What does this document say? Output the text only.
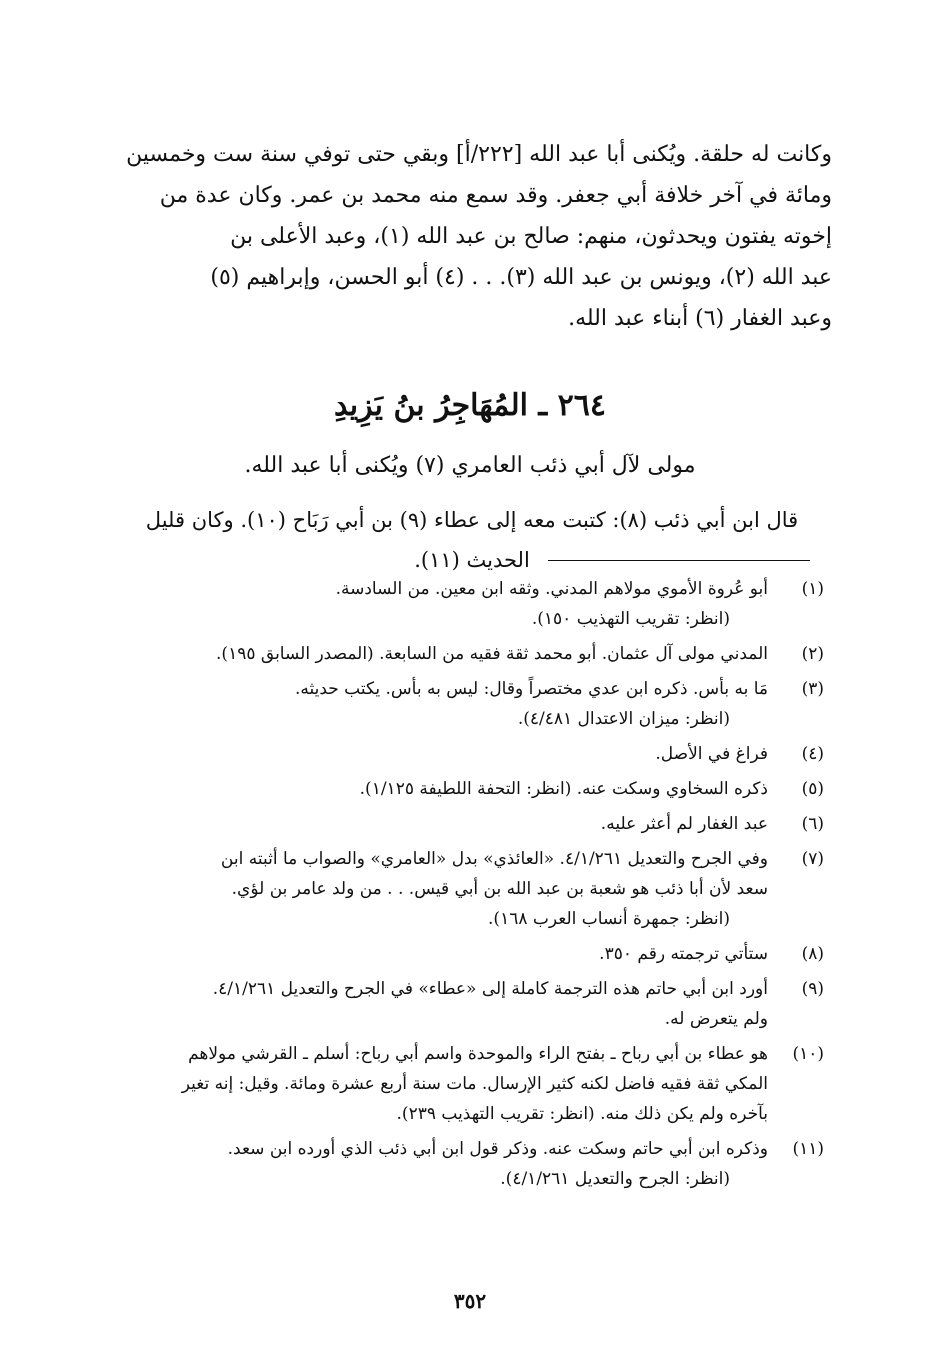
وكانت له حلقة. ويُكنى أبا عبد الله [٢٢٢/أ] وبقي حتى توفي سنة ست وخمسين

ومائة في آخر خلافة أبي جعفر. وقد سمع منه محمد بن عمر. وكان عدة من

إخوته يفتون ويحدثون، منهم: صالح بن عبد الله (١)، وعبد الأعلى بن

عبد الله (٢)، ويونس بن عبد الله (٣). . . (٤) أبو الحسن، وإبراهيم (٥)

وعبد الغفار (٦) أبناء عبد الله.

٢٦٤ ـ المُهَاجِرُ بنُ يَزِيدِ
مولى لآل أبي ذئب العامري (٧) ويُكنى أبا عبد الله.
قال ابن أبي ذئب (٨): كتبت معه إلى عطاء (٩) بن أبي رَبَاح (١٠). وكان قليل الحديث (١١).
(١)

أبو عُروة الأموي مولاهم المدني. وثقه ابن معين. من السادسة.

(انظر: تقريب التهذيب ١٥٠).

(٢)

المدني مولى آل عثمان. أبو محمد ثقة فقيه من السابعة. (المصدر السابق ١٩٥).

(٣)

مَا به بأس. ذكره ابن عدي مختصراً وقال: ليس به بأس. يكتب حديثه.

(انظر: ميزان الاعتدال ٤/٤٨١).

(٤)

فراغ في الأصل.

(٥)

ذكره السخاوي وسكت عنه. (انظر: التحفة اللطيفة ١/١٢٥).

(٦)

عبد الغفار لم أعثر عليه.

(٧)

وفي الجرح والتعديل ٤/١/٢٦١. «العائذي» بدل «العامري» والصواب ما أثبته ابن

سعد لأن أبا ذئب هو شعبة بن عبد الله بن أبي قيس. . . من ولد عامر بن لؤي.

(انظر: جمهرة أنساب العرب ١٦٨).

(٨)

ستأتي ترجمته رقم ٣٥٠.

(٩)

أورد ابن أبي حاتم هذه الترجمة كاملة إلى «عطاء» في الجرح والتعديل ٤/١/٢٦١.

ولم يتعرض له.

(١٠)

هو عطاء بن أبي رباح ـ بفتح الراء والموحدة واسم أبي رباح: أسلم ـ القرشي مولاهم

المكي ثقة فقيه فاضل لكنه كثير الإرسال. مات سنة أربع عشرة ومائة. وقيل: إنه تغير

بآخره ولم يكن ذلك منه. (انظر: تقريب التهذيب ٢٣٩).

(١١)

وذكره ابن أبي حاتم وسكت عنه. وذكر قول ابن أبي ذئب الذي أورده ابن سعد.

(انظر: الجرح والتعديل ٤/١/٢٦١).

٣٥٢
